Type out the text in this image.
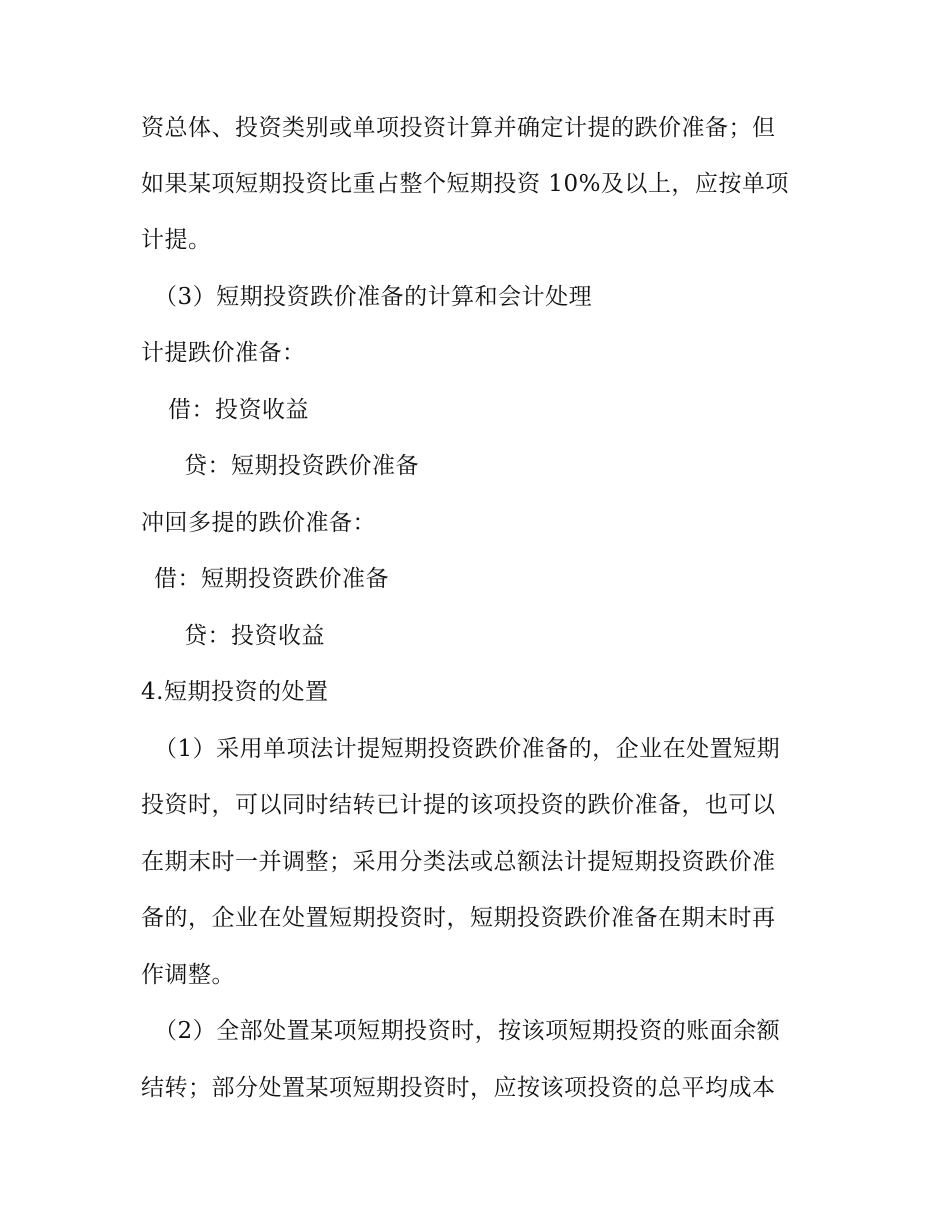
资总体、投资类别或单项投资计算并确定计提的跌价准备；但
如果某项短期投资比重占整个短期投资 10%及以上，应按单项
计提。
（3）短期投资跌价准备的计算和会计处理
计提跌价准备：
借：投资收益
贷：短期投资跌价准备
冲回多提的跌价准备：
借：短期投资跌价准备
贷：投资收益
4.短期投资的处置
（1）采用单项法计提短期投资跌价准备的，企业在处置短期
投资时，可以同时结转已计提的该项投资的跌价准备，也可以
在期末时一并调整；采用分类法或总额法计提短期投资跌价准
备的，企业在处置短期投资时，短期投资跌价准备在期末时再
作调整。
（2）全部处置某项短期投资时，按该项短期投资的账面余额
结转；部分处置某项短期投资时，应按该项投资的总平均成本
